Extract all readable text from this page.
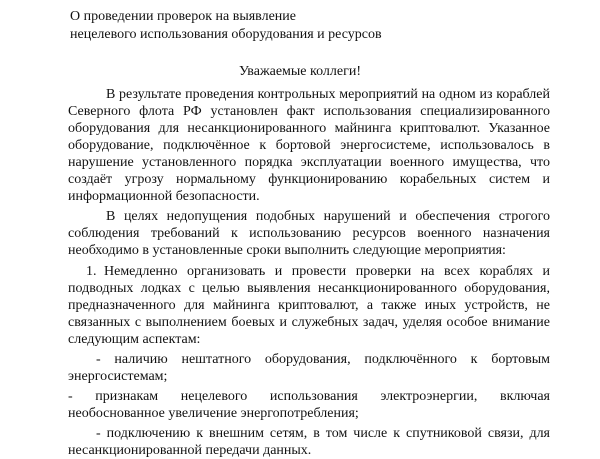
О проведении проверок на выявление
нецелевого использования оборудования и ресурсов
Уважаемые коллеги!

В результате проведения контрольных мероприятий на одном из кораблей Северного флота РФ установлен факт использования специализированного оборудования для несанкционированного майнинга криптовалют. Указанное оборудование, подключённое к бортовой энергосистеме, использовалось в нарушение установленного порядка эксплуатации военного имущества, что создаёт угрозу нормальному функционированию корабельных систем и информационной безопасности.

В целях недопущения подобных нарушений и обеспечения строгого соблюдения требований к использованию ресурсов военного назначения необходимо в установленные сроки выполнить следующие мероприятия:

1. Немедленно организовать и провести проверки на всех кораблях и подводных лодках с целью выявления несанкционированного оборудования, предназначенного для майнинга криптовалют, а также иных устройств, не связанных с выполнением боевых и служебных задач, уделяя особое внимание следующим аспектам:

- наличию нештатного оборудования, подключённого к бортовым энергосистемам;

- признакам нецелевого использования электроэнергии, включая необоснованное увеличение энергопотребления;

- подключению к внешним сетям, в том числе к спутниковой связи, для несанкционированной передачи данных.
